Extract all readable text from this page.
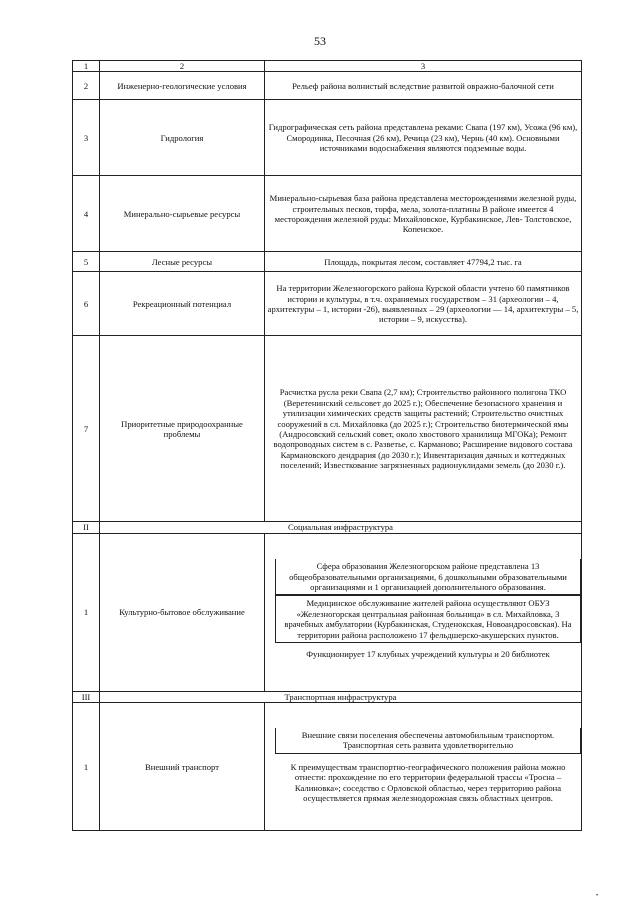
53
1	2	3
2	Инженерно-геологические условия	Рельеф района волнистый вследствие развитой овражно-балочной сети
3	Гидрология	Гидрографическая сеть района представлена реками: Свапа (197 км), Усожа (96 км), Смородинка, Песочная (26 км), Речица (23 км), Чернь (40 км). Основными источниками водоснабжения являются подземные воды.
4	Минерально-сырьевые ресурсы	Минерально-сырьевая база района представлена месторождениями железной руды, строительных песков, торфа, мела, золота-платины В районе имеется 4 месторождения железной руды: Михайловское, Курбакинское, Лев- Толстовское, Копенское.
5	Лесные ресурсы	Площадь, покрытая лесом, составляет 47794,2 тыс. га
6	Рекреационный потенциал	На территории Железногорского района Курской области учтено 60 памятников истории и культуры, в т.ч. охраняемых государством – 31 (археологии – 4, архитектуры – 1, истории -26), выявленных – 29 (археологии — 14, архитектуры – 5, истории – 9, искусства).
7	Приоритетные природоохранные проблемы	Расчистка русла реки Свапа (2,7 км); Строительство районного полигона ТКО (Веретенинский сельсовет до 2025 г.); Обеспечение безопасного хранения и утилизации химических средств защиты растений; Строительство очистных сооружений в сл. Михайловка (до 2025 г.); Строительство биотермической ямы (Андросовский сельский совет, около хвостового хранилища МГОКа); Ремонт водопроводных систем в с. Разветье, с. Карманово; Расширение видового состава Кармановского дендрария (до 2030 г.); Инвентаризация дачных и коттеджных поселений; Известкование загрязненных радионуклидами земель (до 2030 г.).
II	Социальная инфраструктура	
1	Культурно-бытовое обслуживание	Сфера образования Железногорском районе представлена 13 общеобразовательными организациями, 6 дошкольными образовательными организациями и 1 организацией дополнительного образования.
Медицинское обслуживание жителей района осуществляют ОБУЗ «Железногорская центральная районная больница» в сл. Михайловка, 3 врачебных амбулатории (Курбакинская, Студенокская, Новоандросовская). На территории района расположено 17 фельдшерско-акушерских пунктов.
Функционирует 17 клубных учреждений культуры и 20 библиотек

III	Транспортная инфраструктура	
1	Внешний транспорт	Внешние связи поселения обеспечены автомобильным транспортом. Транспортная сеть развита удовлетворительно
К преимуществам транспортно-географического положения района можно отнести: прохождение по его территории федеральной трассы «Тросна – Калиновка»; соседство с Орловской областью, через территорию района осуществляется прямая железнодорожная связь областных центров.
•
